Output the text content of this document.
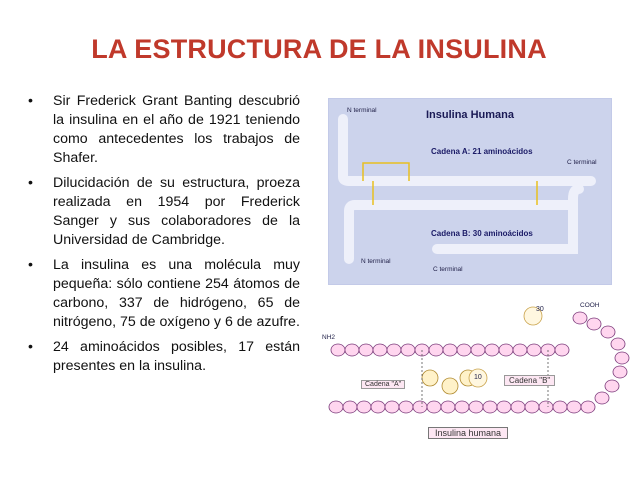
LA ESTRUCTURA DE LA INSULINA
•	Sir Frederick Grant Banting descubrió la insulina en el año de 1921 teniendo como antecedentes los trabajos de Shafer.
•	Dilucidación de su estructura, proeza realizada en 1954 por Frederick Sanger y sus colaboradores de la Universidad de Cambridge.
•	La insulina es una molécula muy pequeña: sólo contiene 254 átomos de carbono, 337 de hidrógeno, 65 de nitrógeno, 75 de oxígeno y 6 de azufre.
•	24 aminoácidos posibles, 17 están presentes en la insulina.
Insulina Humana
N terminal
C terminal
Cadena A: 21 aminoácidos
Cadena B: 30 aminoácidos
N terminal
C terminal
30
10
COOH
NH2
Cadena "A"	Cadena "B"
Insulina humana
